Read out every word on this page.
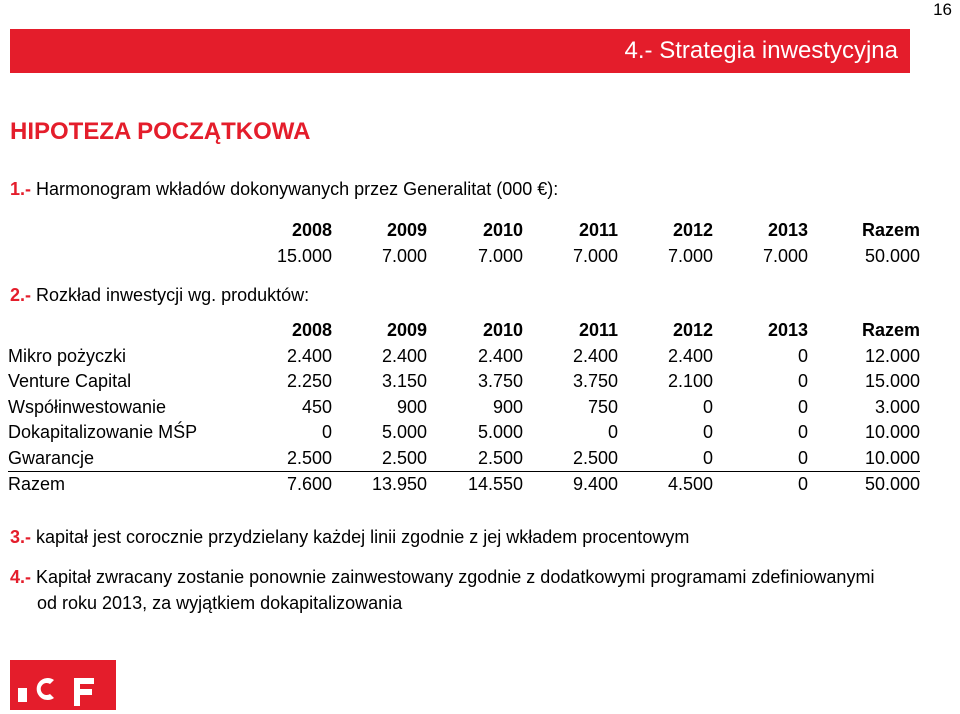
16
4.- Strategia inwestycyjna
HIPOTEZA POCZĄTKOWA
1.- Harmonogram wkładów dokonywanych przez Generalitat (000 €):
2008	2009	2010	2011	2012	2013	Razem
15.000	7.000	7.000	7.000	7.000	7.000	50.000
2.- Rozkład inwestycji wg. produktów:
	2008	2009	2010	2011	2012	2013	Razem
Mikro pożyczki	2.400	2.400	2.400	2.400	2.400	0	12.000
Venture Capital	2.250	3.150	3.750	3.750	2.100	0	15.000
Współinwestowanie	450	900	900	750	0	0	3.000
Dokapitalizowanie MŚP	0	5.000	5.000	0	0	0	10.000
Gwarancje	2.500	2.500	2.500	2.500	0	0	10.000
Razem	7.600	13.950	14.550	9.400	4.500	0	50.000
3.- kapitał jest corocznie przydzielany każdej linii zgodnie z jej wkładem procentowym
4.- Kapitał zwracany zostanie ponownie zainwestowany zgodnie z dodatkowymi programami zdefiniowanymi
od roku 2013, za wyjątkiem dokapitalizowania
